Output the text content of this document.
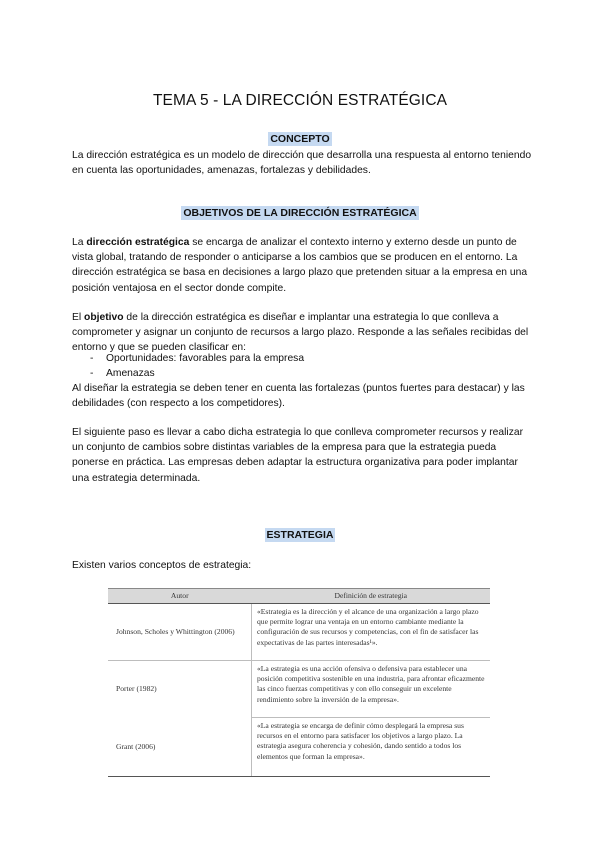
TEMA 5 - LA DIRECCIÓN ESTRATÉGICA
CONCEPTO

La dirección estratégica es un modelo de dirección que desarrolla una respuesta al entorno teniendo en cuenta las oportunidades, amenazas, fortalezas y debilidades.

OBJETIVOS DE LA DIRECCIÓN ESTRATÉGICA

La dirección estratégica se encarga de analizar el contexto interno y externo desde un punto de vista global, tratando de responder o anticiparse a los cambios que se producen en el entorno. La dirección estratégica se basa en decisiones a largo plazo que pretenden situar a la empresa en una posición ventajosa en el sector donde compite.

El objetivo de la dirección estratégica es diseñar e implantar una estrategia lo que conlleva a comprometer y asignar un conjunto de recursos a largo plazo. Responde a las señales recibidas del entorno y que se pueden clasificar en:

- Oportunidades: favorables para la empresa
- Amenazas

Al diseñar la estrategia se deben tener en cuenta las fortalezas (puntos fuertes para destacar) y las debilidades (con respecto a los competidores).

El siguiente paso es llevar a cabo dicha estrategia lo que conlleva comprometer recursos y realizar un conjunto de cambios sobre distintas variables de la empresa para que la estrategia pueda ponerse en práctica. Las empresas deben adaptar la estructura organizativa para poder implantar una estrategia determinada.

ESTRATEGIA

Existen varios conceptos de estrategia:

Autor	Definición de estrategia
Johnson, Scholes y Whittington (2006)	«Estrategia es la dirección y el alcance de una organización a largo plazo que permite lograr una ventaja en un entorno cambiante mediante la configuración de sus recursos y competencias, con el fin de satisfacer las expectativas de las partes interesadas¹».
Porter (1982)	«La estrategia es una acción ofensiva o defensiva para establecer una posición competitiva sostenible en una industria, para afrontar eficazmente las cinco fuerzas competitivas y con ello conseguir un excelente rendimiento sobre la inversión de la empresa».
Grant (2006)	«La estrategia se encarga de definir cómo desplegará la empresa sus recursos en el entorno para satisfacer los objetivos a largo plazo. La estrategia asegura coherencia y cohesión, dando sentido a todos los elementos que forman la empresa».
